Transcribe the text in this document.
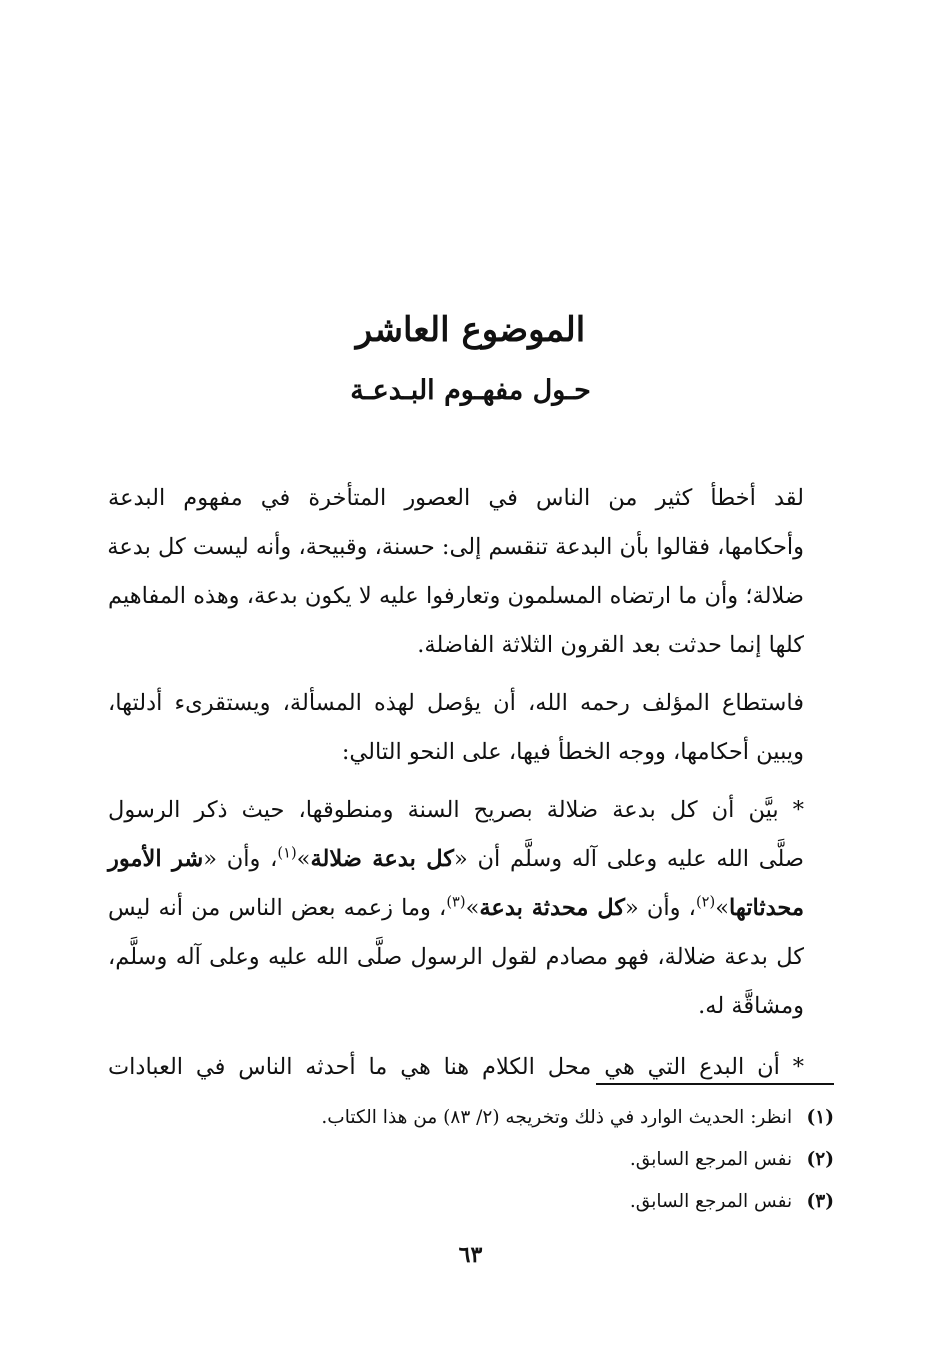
الموضوع العاشر
حـول مفهـوم البـدعـة

لقد أخطأ كثير من الناس في العصور المتأخرة في مفهوم البدعة
وأحكامها، فقالوا بأن البدعة تنقسم إلى: حسنة، وقبيحة، وأنه ليست كل بدعة
ضلالة؛ وأن ما ارتضاه المسلمون وتعارفوا عليه لا يكون بدعة، وهذه المفاهيم
كلها إنما حدثت بعد القرون الثلاثة الفاضلة.

فاستطاع المؤلف رحمه الله، أن يؤصل لهذه المسألة، ويستقرىء أدلتها،
ويبين أحكامها، ووجه الخطأ فيها، على النحو التالي:

* بيَّن أن كل بدعة ضلالة بصريح السنة ومنطوقها، حيث ذكر الرسول
صلَّى الله عليه وعلى آله وسلَّم أن «كل بدعة ضلالة»$^{(١)}$، وأن «شر الأمور
محدثاتها»$^{(٢)}$، وأن «كل محدثة بدعة»$^{(٣)}$، وما زعمه بعض الناس من أنه ليس
كل بدعة ضلالة، فهو مصادم لقول الرسول صلَّى الله عليه وعلى آله وسلَّم،
ومشاقَّة له.

* أن البدع التي هي محل الكلام هنا هي ما أحدثه الناس في العبادات

(١) انظر: الحديث الوارد في ذلك وتخريجه (٢/ ٨٣) من هذا الكتاب.
(٢) نفس المرجع السابق.
(٣) نفس المرجع السابق.
٦٣
